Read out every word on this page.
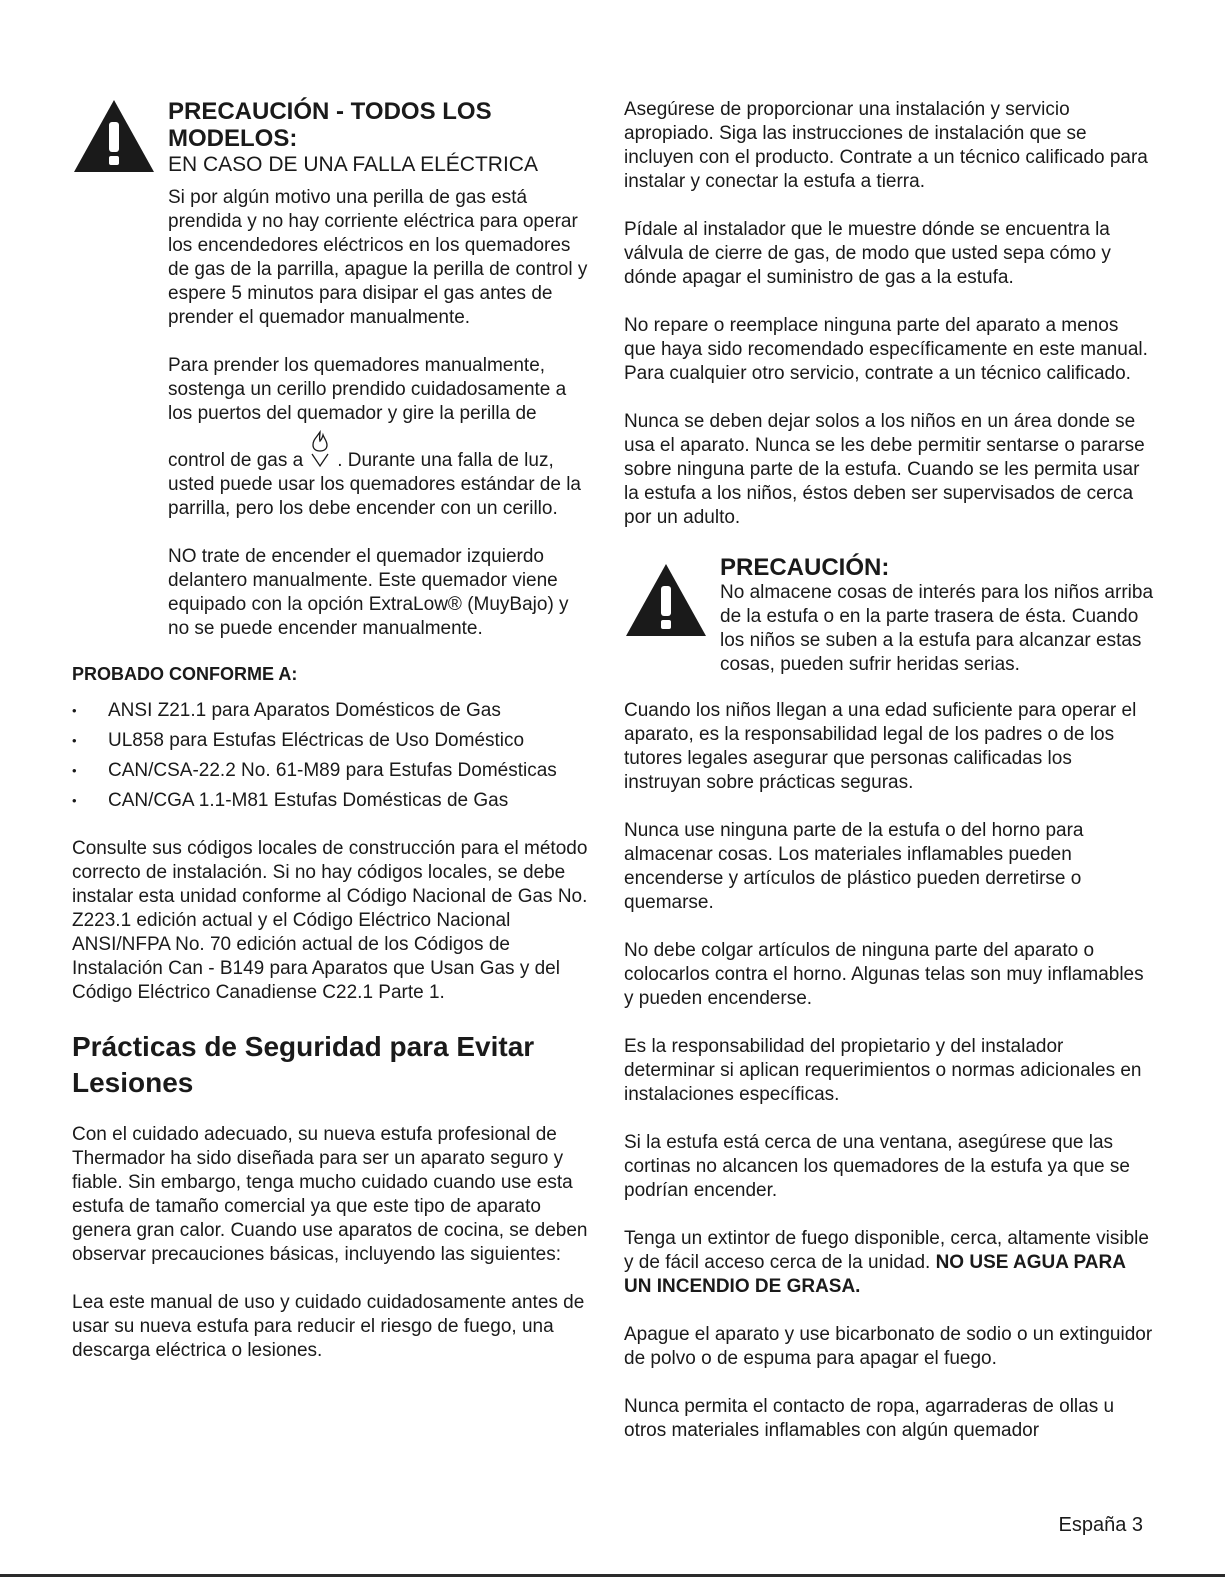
PRECAUCIÓN - TODOS LOS MODELOS:
EN CASO DE UNA FALLA ELÉCTRICA

Si por algún motivo una perilla de gas está prendida y no hay corriente eléctrica para operar los encendedores eléctricos en los quemadores de gas de la parrilla, apague la perilla de control y espere 5 minutos para disipar el gas antes de prender el quemador manualmente.

Para prender los quemadores manualmente, sostenga un cerillo prendido cuidadosamente a los puertos del quemador y gire la perilla de

control de gas a . Durante una falla de luz, usted puede usar los quemadores estándar de la parrilla, pero los debe encender con un cerillo.

NO trate de encender el quemador izquierdo delantero manualmente. Este quemador viene equipado con la opción ExtraLow® (MuyBajo) y no se puede encender manualmente.

PROBADO CONFORME A:
• ANSI Z21.1 para Aparatos Domésticos de Gas
• UL858 para Estufas Eléctricas de Uso Doméstico
• CAN/CSA-22.2 No. 61-M89 para Estufas Domésticas
• CAN/CGA 1.1-M81 Estufas Domésticas de Gas

Consulte sus códigos locales de construcción para el método correcto de instalación. Si no hay códigos locales, se debe instalar esta unidad conforme al Código Nacional de Gas No. Z223.1 edición actual y el Código Eléctrico Nacional ANSI/NFPA No. 70 edición actual de los Códigos de Instalación Can - B149 para Aparatos que Usan Gas y del Código Eléctrico Canadiense C22.1 Parte 1.

Prácticas de Seguridad para Evitar Lesiones

Con el cuidado adecuado, su nueva estufa profesional de Thermador ha sido diseñada para ser un aparato seguro y fiable. Sin embargo, tenga mucho cuidado cuando use esta estufa de tamaño comercial ya que este tipo de aparato genera gran calor. Cuando use aparatos de cocina, se deben observar precauciones básicas, incluyendo las siguientes:

Lea este manual de uso y cuidado cuidadosamente antes de usar su nueva estufa para reducir el riesgo de fuego, una descarga eléctrica o lesiones.

Asegúrese de proporcionar una instalación y servicio apropiado. Siga las instrucciones de instalación que se incluyen con el producto. Contrate a un técnico calificado para instalar y conectar la estufa a tierra.

Pídale al instalador que le muestre dónde se encuentra la válvula de cierre de gas, de modo que usted sepa cómo y dónde apagar el suministro de gas a la estufa.

No repare o reemplace ninguna parte del aparato a menos que haya sido recomendado específicamente en este manual. Para cualquier otro servicio, contrate a un técnico calificado.

Nunca se deben dejar solos a los niños en un área donde se usa el aparato. Nunca se les debe permitir sentarse o pararse sobre ninguna parte de la estufa. Cuando se les permita usar la estufa a los niños, éstos deben ser supervisados de cerca por un adulto.

PRECAUCIÓN:

No almacene cosas de interés para los niños arriba de la estufa o en la parte trasera de ésta. Cuando los niños se suben a la estufa para alcanzar estas cosas, pueden sufrir heridas serias.

Cuando los niños llegan a una edad suficiente para operar el aparato, es la responsabilidad legal de los padres o de los tutores legales asegurar que personas calificadas los instruyan sobre prácticas seguras.

Nunca use ninguna parte de la estufa o del horno para almacenar cosas. Los materiales inflamables pueden encenderse y artículos de plástico pueden derretirse o quemarse.

No debe colgar artículos de ninguna parte del aparato o colocarlos contra el horno. Algunas telas son muy inflamables y pueden encenderse.

Es la responsabilidad del propietario y del instalador determinar si aplican requerimientos o normas adicionales en instalaciones específicas.

Si la estufa está cerca de una ventana, asegúrese que las cortinas no alcancen los quemadores de la estufa ya que se podrían encender.

Tenga un extintor de fuego disponible, cerca, altamente visible y de fácil acceso cerca de la unidad. NO USE AGUA PARA UN INCENDIO DE GRASA.

Apague el aparato y use bicarbonato de sodio o un extinguidor de polvo o de espuma para apagar el fuego.

Nunca permita el contacto de ropa, agarraderas de ollas u otros materiales inflamables con algún quemador

España 3
